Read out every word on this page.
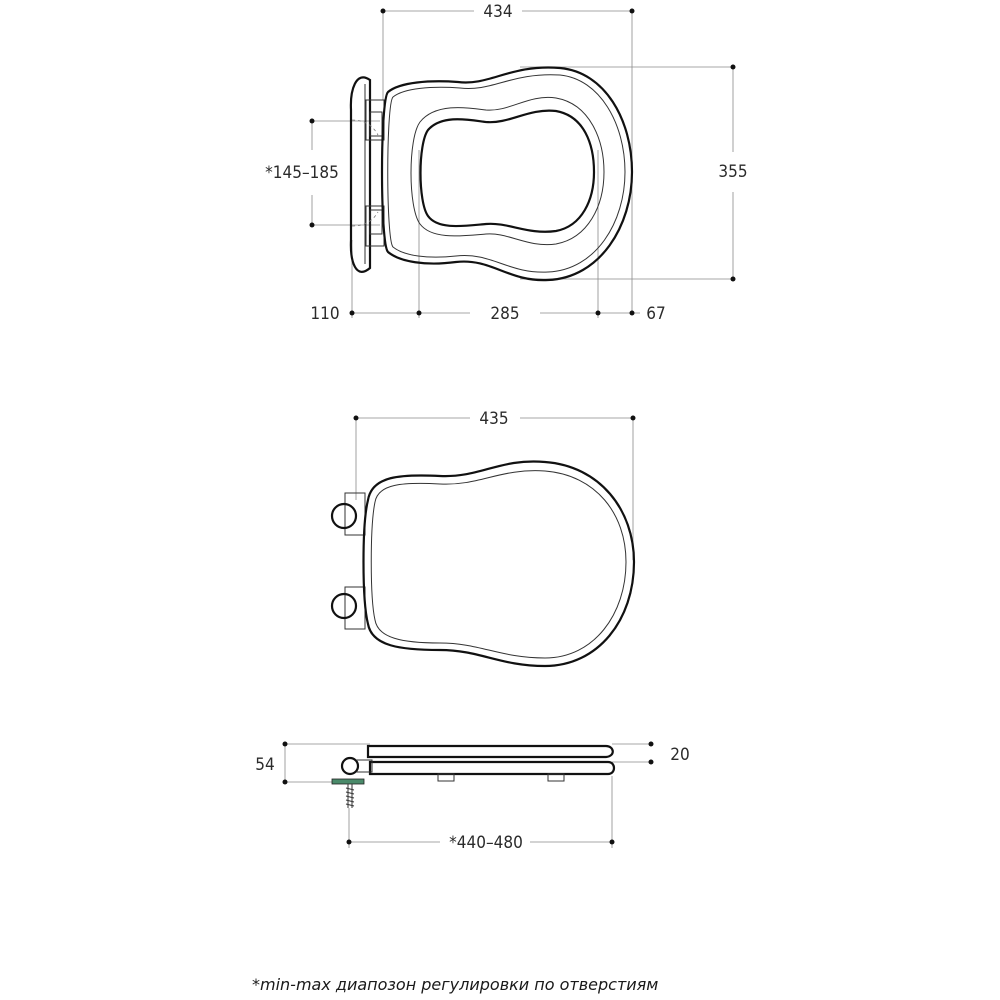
434
355
*145–185
110	285	67
435
54	20
*440–480
*min-max диапозон регулировки по отверстиям
